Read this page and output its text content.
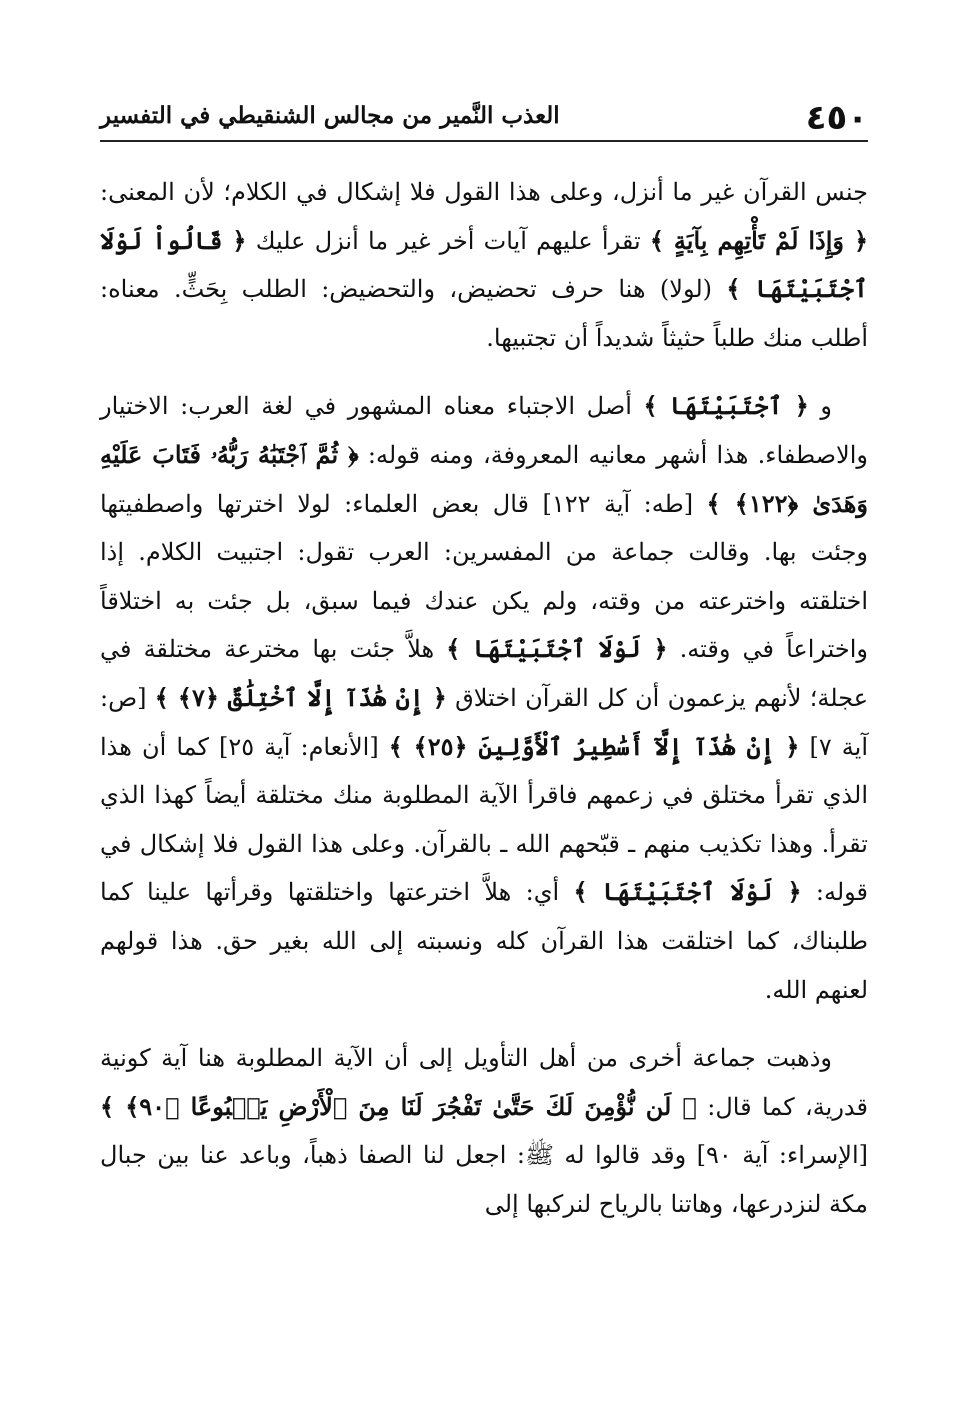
٤٥٠
العذب النَّمير من مجالس الشنقيطي في التفسير

جنس القرآن غير ما أنزل، وعلى هذا القول فلا إشكال في الكلام؛ لأن المعنى: ﴿ وَإِذَا لَمْ تَأْتِهِم بِآيَةٍ ﴾ تقرأ عليهم آيات أخر غير ما أنزل عليك ﴿ قَالُواْ لَوْلَا ٱجْتَبَيْتَهَا ﴾ (لولا) هنا حرف تحضيض، والتحضيض: الطلب بِحَثٍّ. معناه: أطلب منك طلباً حثيثاً شديداً أن تجتبيها.

و ﴿ ٱجْتَبَيْتَهَا ﴾ أصل الاجتباء معناه المشهور في لغة العرب: الاختيار والاصطفاء. هذا أشهر معانيه المعروفة، ومنه قوله: ﴿ ثُمَّ ٱجْتَبَٰهُ رَبُّهُۥ فَتَابَ عَلَيْهِ وَهَدَىٰ ﴿١٢٢﴾ ﴾ [طه: آية ١٢٢] قال بعض العلماء: لولا اخترتها واصطفيتها وجئت بها. وقالت جماعة من المفسرين: العرب تقول: اجتبيت الكلام. إذا اختلقته واخترعته من وقته، ولم يكن عندك فيما سبق، بل جئت به اختلاقاً واختراعاً في وقته. ﴿ لَوْلَا ٱجْتَبَيْتَهَا ﴾ هلاَّ جئت بها مخترعة مختلقة في عجلة؛ لأنهم يزعمون أن كل القرآن اختلاق ﴿ إِنْ هَٰذَآ إِلَّا ٱخْتِلَٰقٌ ﴿٧﴾ ﴾ [ص: آية ٧] ﴿ إِنْ هَٰذَآ إِلَّآ أَسَٰطِيرُ ٱلْأَوَّلِينَ ﴿٢٥﴾ ﴾ [الأنعام: آية ٢٥] كما أن هذا الذي تقرأ مختلق في زعمهم فاقرأ الآية المطلوبة منك مختلقة أيضاً كهذا الذي تقرأ. وهذا تكذيب منهم ـ قبّحهم الله ـ بالقرآن. وعلى هذا القول فلا إشكال في قوله: ﴿ لَوْلَا ٱجْتَبَيْتَهَا ﴾ أي: هلاَّ اخترعتها واختلقتها وقرأتها علينا كما طلبناك، كما اختلقت هذا القرآن كله ونسبته إلى الله بغير حق. هذا قولهم لعنهم الله.

وذهبت جماعة أخرى من أهل التأويل إلى أن الآية المطلوبة هنا آية كونية قدرية، كما قال: ﴿ لَن نُّؤْمِنَ لَكَ حَتَّىٰ تَفْجُرَ لَنَا مِنَ ٱلْأَرْضِ يَنۢبُوعًا ﴿٩٠﴾ ﴾ [الإسراء: آية ٩٠] وقد قالوا له ﷺ: اجعل لنا الصفا ذهباً، وباعد عنا بين جبال مكة لنزدرعها، وهاتنا بالرياح لنركبها إلى
